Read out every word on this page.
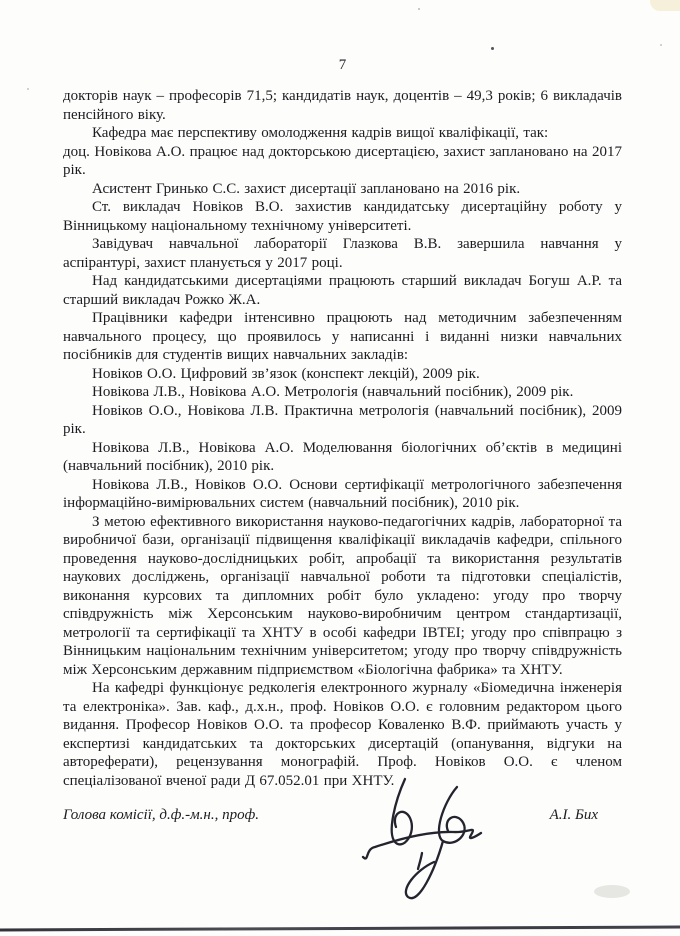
7

докторів наук – професорів 71,5; кандидатів наук, доцентів – 49,3 років; 6 викладачів пенсійного віку.

Кафедра має перспективу омолодження кадрів вищої кваліфікації, так:

доц. Новікова А.О. працює над докторською дисертацією, захист заплановано на 2017 рік.

Асистент Гринько С.С. захист дисертації заплановано на 2016 рік.

Ст. викладач Новіков В.О. захистив кандидатську дисертаційну роботу у Вінницькому національному технічному університеті.

Завідувач навчальної лабораторії Глазкова В.В. завершила навчання у аспірантурі, захист планується у 2017 році.

Над кандидатськими дисертаціями працюють старший викладач Богуш А.Р. та старший викладач Рожко Ж.А.

Працівники кафедри інтенсивно працюють над методичним забезпеченням навчального процесу, що проявилось у написанні і виданні низки навчальних посібників для студентів вищих навчальних закладів:

Новіков О.О. Цифровий зв’язок (конспект лекцій), 2009 рік.

Новікова Л.В., Новікова А.О. Метрологія (навчальний посібник), 2009 рік.

Новіков О.О., Новікова Л.В. Практична метрологія (навчальний посібник), 2009 рік.

Новікова Л.В., Новікова А.О. Моделювання біологічних об’єктів в медицині (навчальний посібник), 2010 рік.

Новікова Л.В., Новіков О.О. Основи сертифікації метрологічного забезпечення інформаційно-вимірювальних систем (навчальний посібник), 2010 рік.

З метою ефективного використання науково-педагогічних кадрів, лабораторної та виробничої бази, організації підвищення кваліфікації викладачів кафедри, спільного проведення науково-дослідницьких робіт, апробації та використання результатів наукових досліджень, організації навчальної роботи та підготовки спеціалістів, виконання курсових та дипломних робіт було укладено: угоду про творчу співдружність між Херсонським науково-виробничим центром стандартизації, метрології та сертифікації та ХНТУ в особі кафедри ІВТЕІ; угоду про співпрацю з Вінницьким національним технічним університетом; угоду про творчу співдружність між Херсонським державним підприємством «Біологічна фабрика» та ХНТУ.

На кафедрі функціонує редколегія електронного журналу «Біомедична інженерія та електроніка». Зав. каф., д.х.н., проф. Новіков О.О. є головним редактором цього видання. Професор Новіков О.О. та професор Коваленко В.Ф. приймають участь у експертизі кандидатських та докторських дисертацій (опанування, відгуки на автореферати), рецензування монографій. Проф. Новіков О.О. є членом спеціалізованої вченої ради Д 67.052.01 при ХНТУ.

Голова комісії, д.ф.-м.н., проф.	А.І. Бих
